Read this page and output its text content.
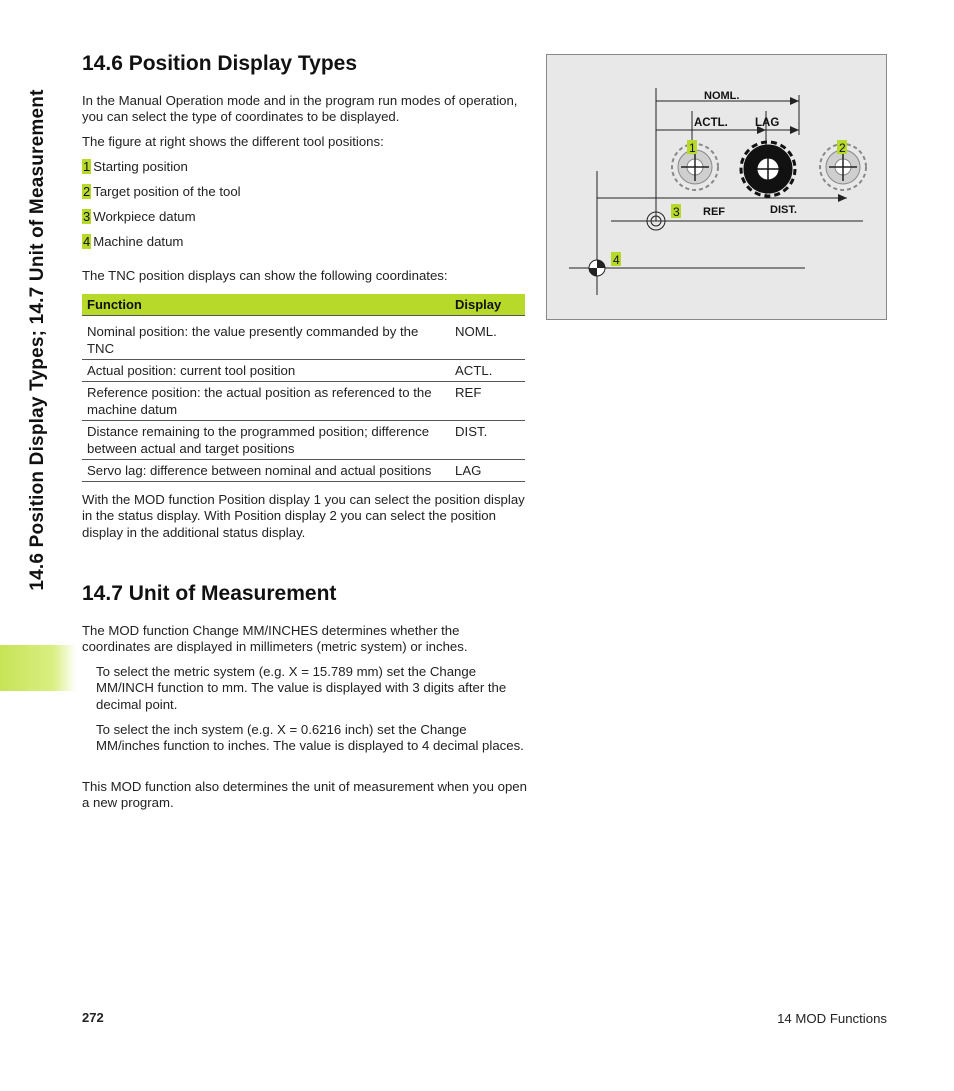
14.6 Position Display Types; 14.7 Unit of Measurement
14.6 Position Display Types

In the Manual Operation mode and in the program run modes of operation, you can select the type of coordinates to be displayed.

The figure at right shows the different tool positions:

1 Starting position

2 Target position of the tool

3 Workpiece datum

4 Machine datum

The TNC position displays can show the following coordinates:

Function	Display
Nominal position: the value presently commanded by the TNC	NOML.
Actual position: current tool position	ACTL.
Reference position: the actual position as referenced to the machine datum	REF
Distance remaining to the programmed position; difference between actual and target positions	DIST.
Servo lag: difference between nominal and actual positions	LAG

With the MOD function Position display 1 you can select the position display in the status display. With Position display 2 you can select the position display in the additional status display.

14.7 Unit of Measurement

The MOD function Change MM/INCHES determines whether the coordinates are displayed in millimeters (metric system) or inches.

To select the metric system (e.g. X = 15.789 mm) set the Change MM/INCH function to mm. The value is displayed with 3 digits after the decimal point.

To select the inch system (e.g. X = 0.6216 inch) set the Change MM/inches function to inches. The value is displayed to 4 decimal places.

This MOD function also determines the unit of measurement when you open a new program.

NOML.
ACTL. LAG
REF	DIST.
1	2
3
4
272	14 MOD Functions
